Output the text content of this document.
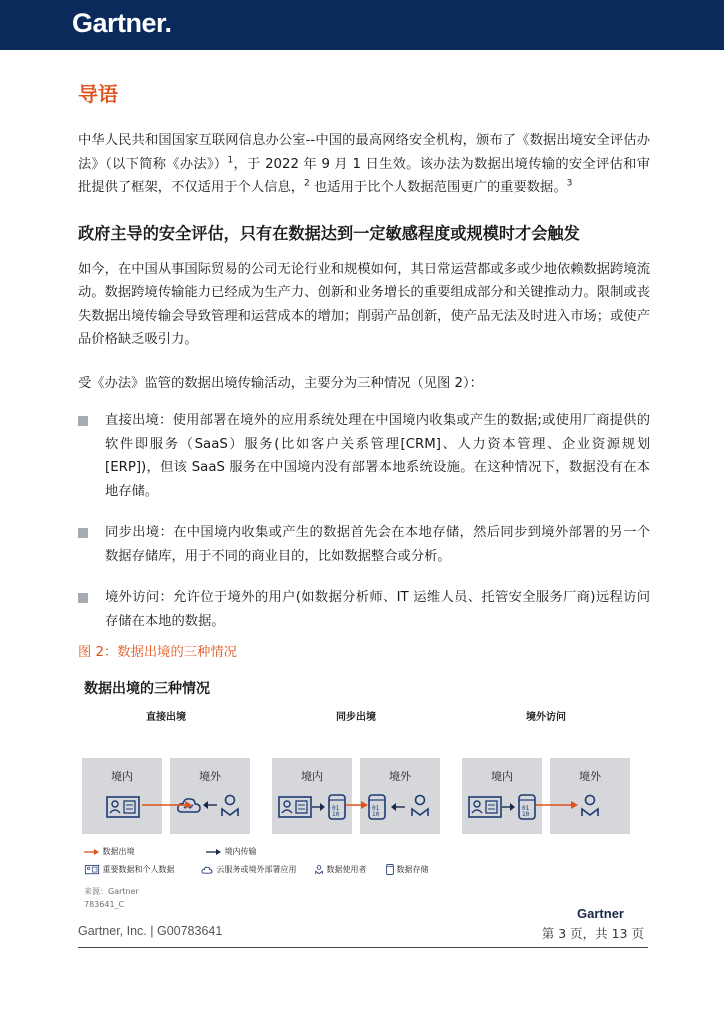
Gartner.
导语

中华人民共和国国家互联网信息办公室--中国的最高网络安全机构，颁布了《数据出境安全评估办法》（以下简称《办法》）$^1$，于 2022 年 9 月 1 日生效。该办法为数据出境传输的安全评估和审批提供了框架，不仅适用于个人信息，$^2$ 也适用于比个人数据范围更广的重要数据。$^3$

政府主导的安全评估，只有在数据达到一定敏感程度或规模时才会触发

如今，在中国从事国际贸易的公司无论行业和规模如何，其日常运营都或多或少地依赖数据跨境流动。数据跨境传输能力已经成为生产力、创新和业务增长的重要组成部分和关键推动力。限制或丧失数据出境传输会导致管理和运营成本的增加；削弱产品创新，使产品无法及时进入市场；或使产品价格缺乏吸引力。

受《办法》监管的数据出境传输活动，主要分为三种情况（见图 2）：

直接出境：使用部署在境外的应用系统处理在中国境内收集或产生的数据;或使用厂商提供的软件即服务（SaaS）服务(比如客户关系管理[CRM]、人力资本管理、企业资源规划[ERP])，但该 SaaS 服务在中国境内没有部署本地系统设施。在这种情况下，数据没有在本地存储。
同步出境：在中国境内收集或产生的数据首先会在本地存储，然后同步到境外部署的另一个数据存储库，用于不同的商业目的，比如数据整合或分析。
境外访问：允许位于境外的用户(如数据分析师、IT 运维人员、托管安全服务厂商)远程访问存储在本地的数据。
图 2：数据出境的三种情况
数据出境的三种情况
直接出境
境内	境外
同步出境
境内
01
10
境外
01
10
境外访问
境内
01
10
境外
数据出境	境内传输
重要数据和个人数据	云服务或境外部署应用	数据使用者	数据存储
来源：Gartner
783641_C
Gartner
Gartner, Inc. | G00783641	第 3 页，共 13 页
